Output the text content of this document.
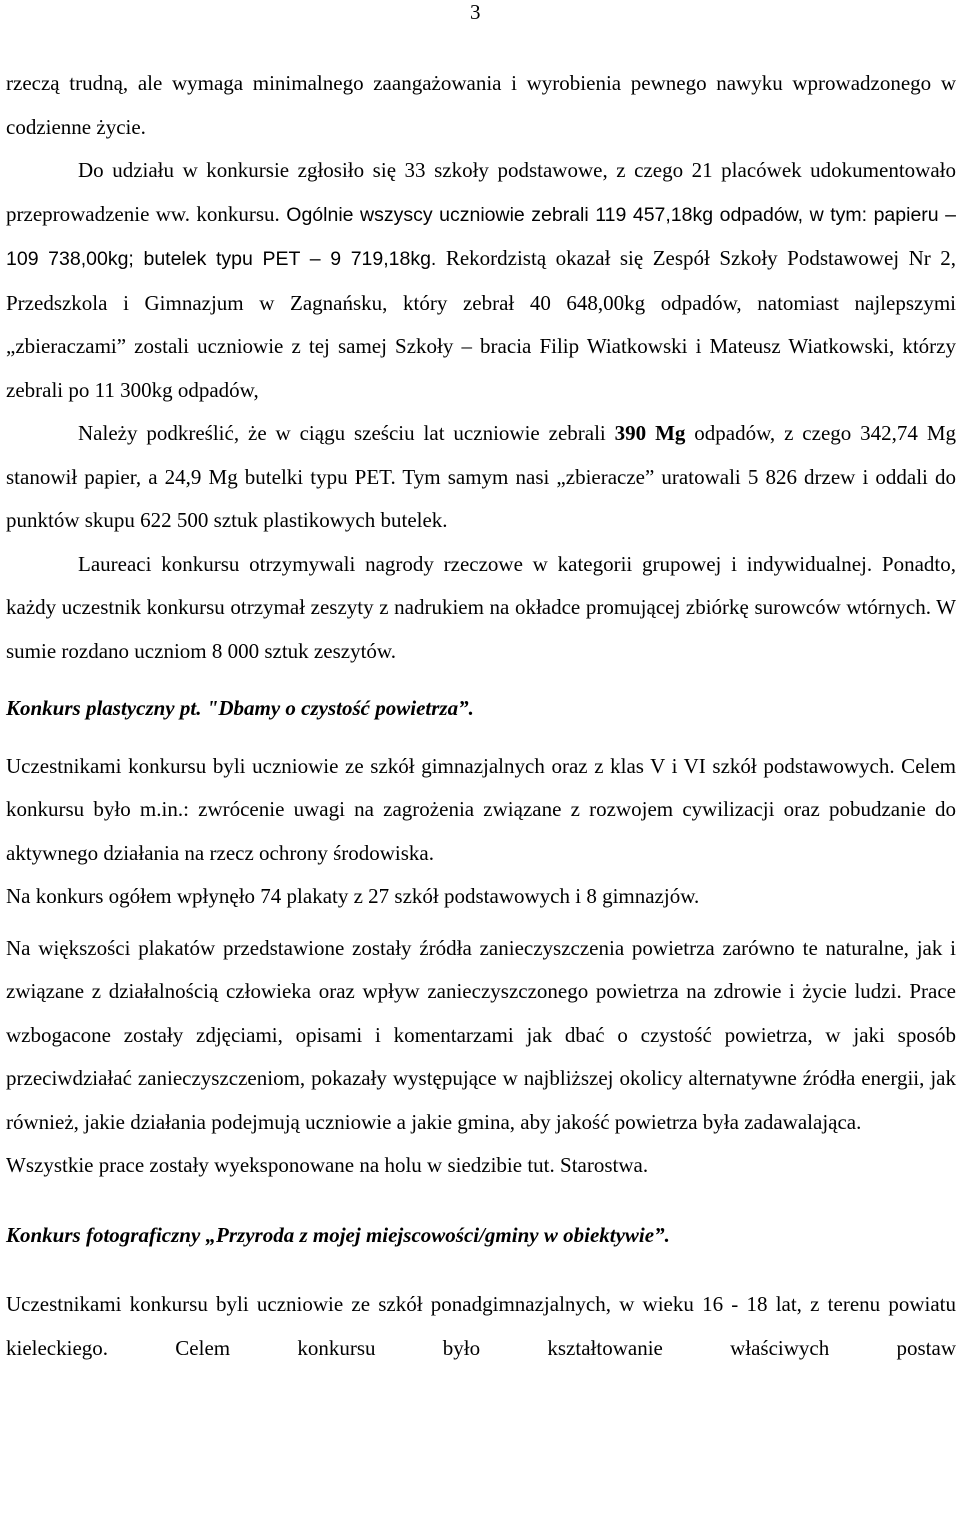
3

rzeczą trudną, ale wymaga minimalnego zaangażowania i wyrobienia pewnego nawyku wprowadzonego w codzienne życie.

Do udziału w konkursie zgłosiło się 33 szkoły podstawowe, z czego 21 placówek udokumentowało przeprowadzenie ww. konkursu. Ogólnie wszyscy uczniowie zebrali 119 457,18kg odpadów, w tym: papieru – 109 738,00kg; butelek typu PET – 9 719,18kg. Rekordzistą okazał się Zespół Szkoły Podstawowej Nr 2, Przedszkola i Gimnazjum w Zagnańsku, który zebrał 40 648,00kg odpadów, natomiast najlepszymi „zbieraczami” zostali uczniowie z tej samej Szkoły – bracia Filip Wiatkowski i Mateusz Wiatkowski, którzy zebrali po 11 300kg odpadów,

Należy podkreślić, że w ciągu sześciu lat uczniowie zebrali 390 Mg odpadów, z czego 342,74 Mg stanowił papier, a 24,9 Mg butelki typu PET. Tym samym nasi „zbieracze” uratowali 5 826 drzew i oddali do punktów skupu 622 500 sztuk plastikowych butelek.

Laureaci konkursu otrzymywali nagrody rzeczowe w kategorii grupowej i indywidualnej. Ponadto, każdy uczestnik konkursu otrzymał zeszyty z nadrukiem na okładce promującej zbiórkę surowców wtórnych. W sumie rozdano uczniom 8 000 sztuk zeszytów.

Konkurs plastyczny pt. "Dbamy o czystość powietrza”.

Uczestnikami konkursu byli uczniowie ze szkół gimnazjalnych oraz z klas V i VI szkół podstawowych. Celem konkursu było m.in.: zwrócenie uwagi na zagrożenia związane z rozwojem cywilizacji oraz pobudzanie do aktywnego działania na rzecz ochrony środowiska.

Na konkurs ogółem wpłynęło 74 plakaty z 27 szkół podstawowych i 8 gimnazjów.

Na większości plakatów przedstawione zostały źródła zanieczyszczenia powietrza zarówno te naturalne, jak i związane z działalnością człowieka oraz wpływ zanieczyszczonego powietrza na zdrowie i życie ludzi. Prace wzbogacone zostały zdjęciami, opisami i komentarzami jak dbać o czystość powietrza, w jaki sposób przeciwdziałać zanieczyszczeniom, pokazały występujące w najbliższej okolicy alternatywne źródła energii, jak również, jakie działania podejmują uczniowie a jakie gmina, aby jakość powietrza była zadawalająca.

Wszystkie prace zostały wyeksponowane na holu w siedzibie tut. Starostwa.

Konkurs fotograficzny „Przyroda z mojej miejscowości/gminy w obiektywie”.

Uczestnikami konkursu byli uczniowie ze szkół ponadgimnazjalnych, w wieku 16 - 18 lat, z terenu powiatu kieleckiego. Celem konkursu było kształtowanie właściwych postaw
